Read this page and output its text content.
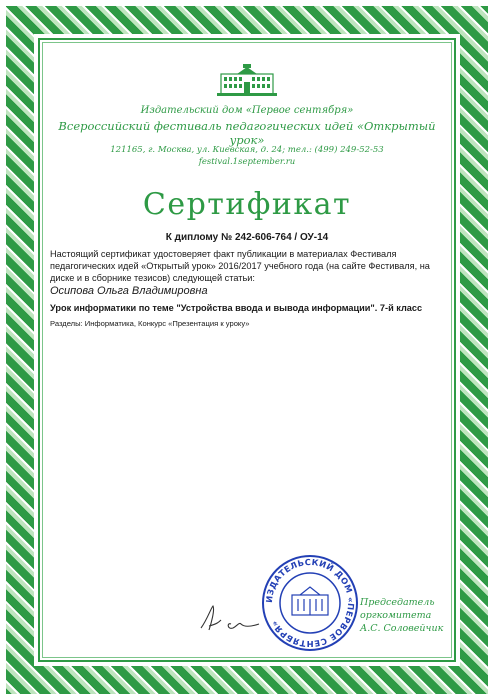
Издательский дом «Первое сентября»
Всероссийский фестиваль педагогических идей «Открытый урок»
121165, г. Москва, ул. Киевская, д. 24; тел.: (499) 249-52-53
festival.1september.ru
Сертификат
К диплому № 242-606-764 / ОУ-14
Настоящий сертификат удостоверяет факт публикации в материалах Фестиваля педагогических идей «Открытый урок» 2016/2017 учебного года (на сайте Фестиваля, на диске и в сборнике тезисов) следующей статьи:
Осипова Ольга Владимировна
Урок информатики по теме "Устройства ввода и вывода информации". 7-й класс
Разделы: Информатика, Конкурс «Презентация к уроку»
ИЗДАТЕЛЬСКИЙ ДОМ «ПЕРВОЕ СЕНТЯБРЯ»
Председатель
оргкомитета
А.С. Соловейчик
